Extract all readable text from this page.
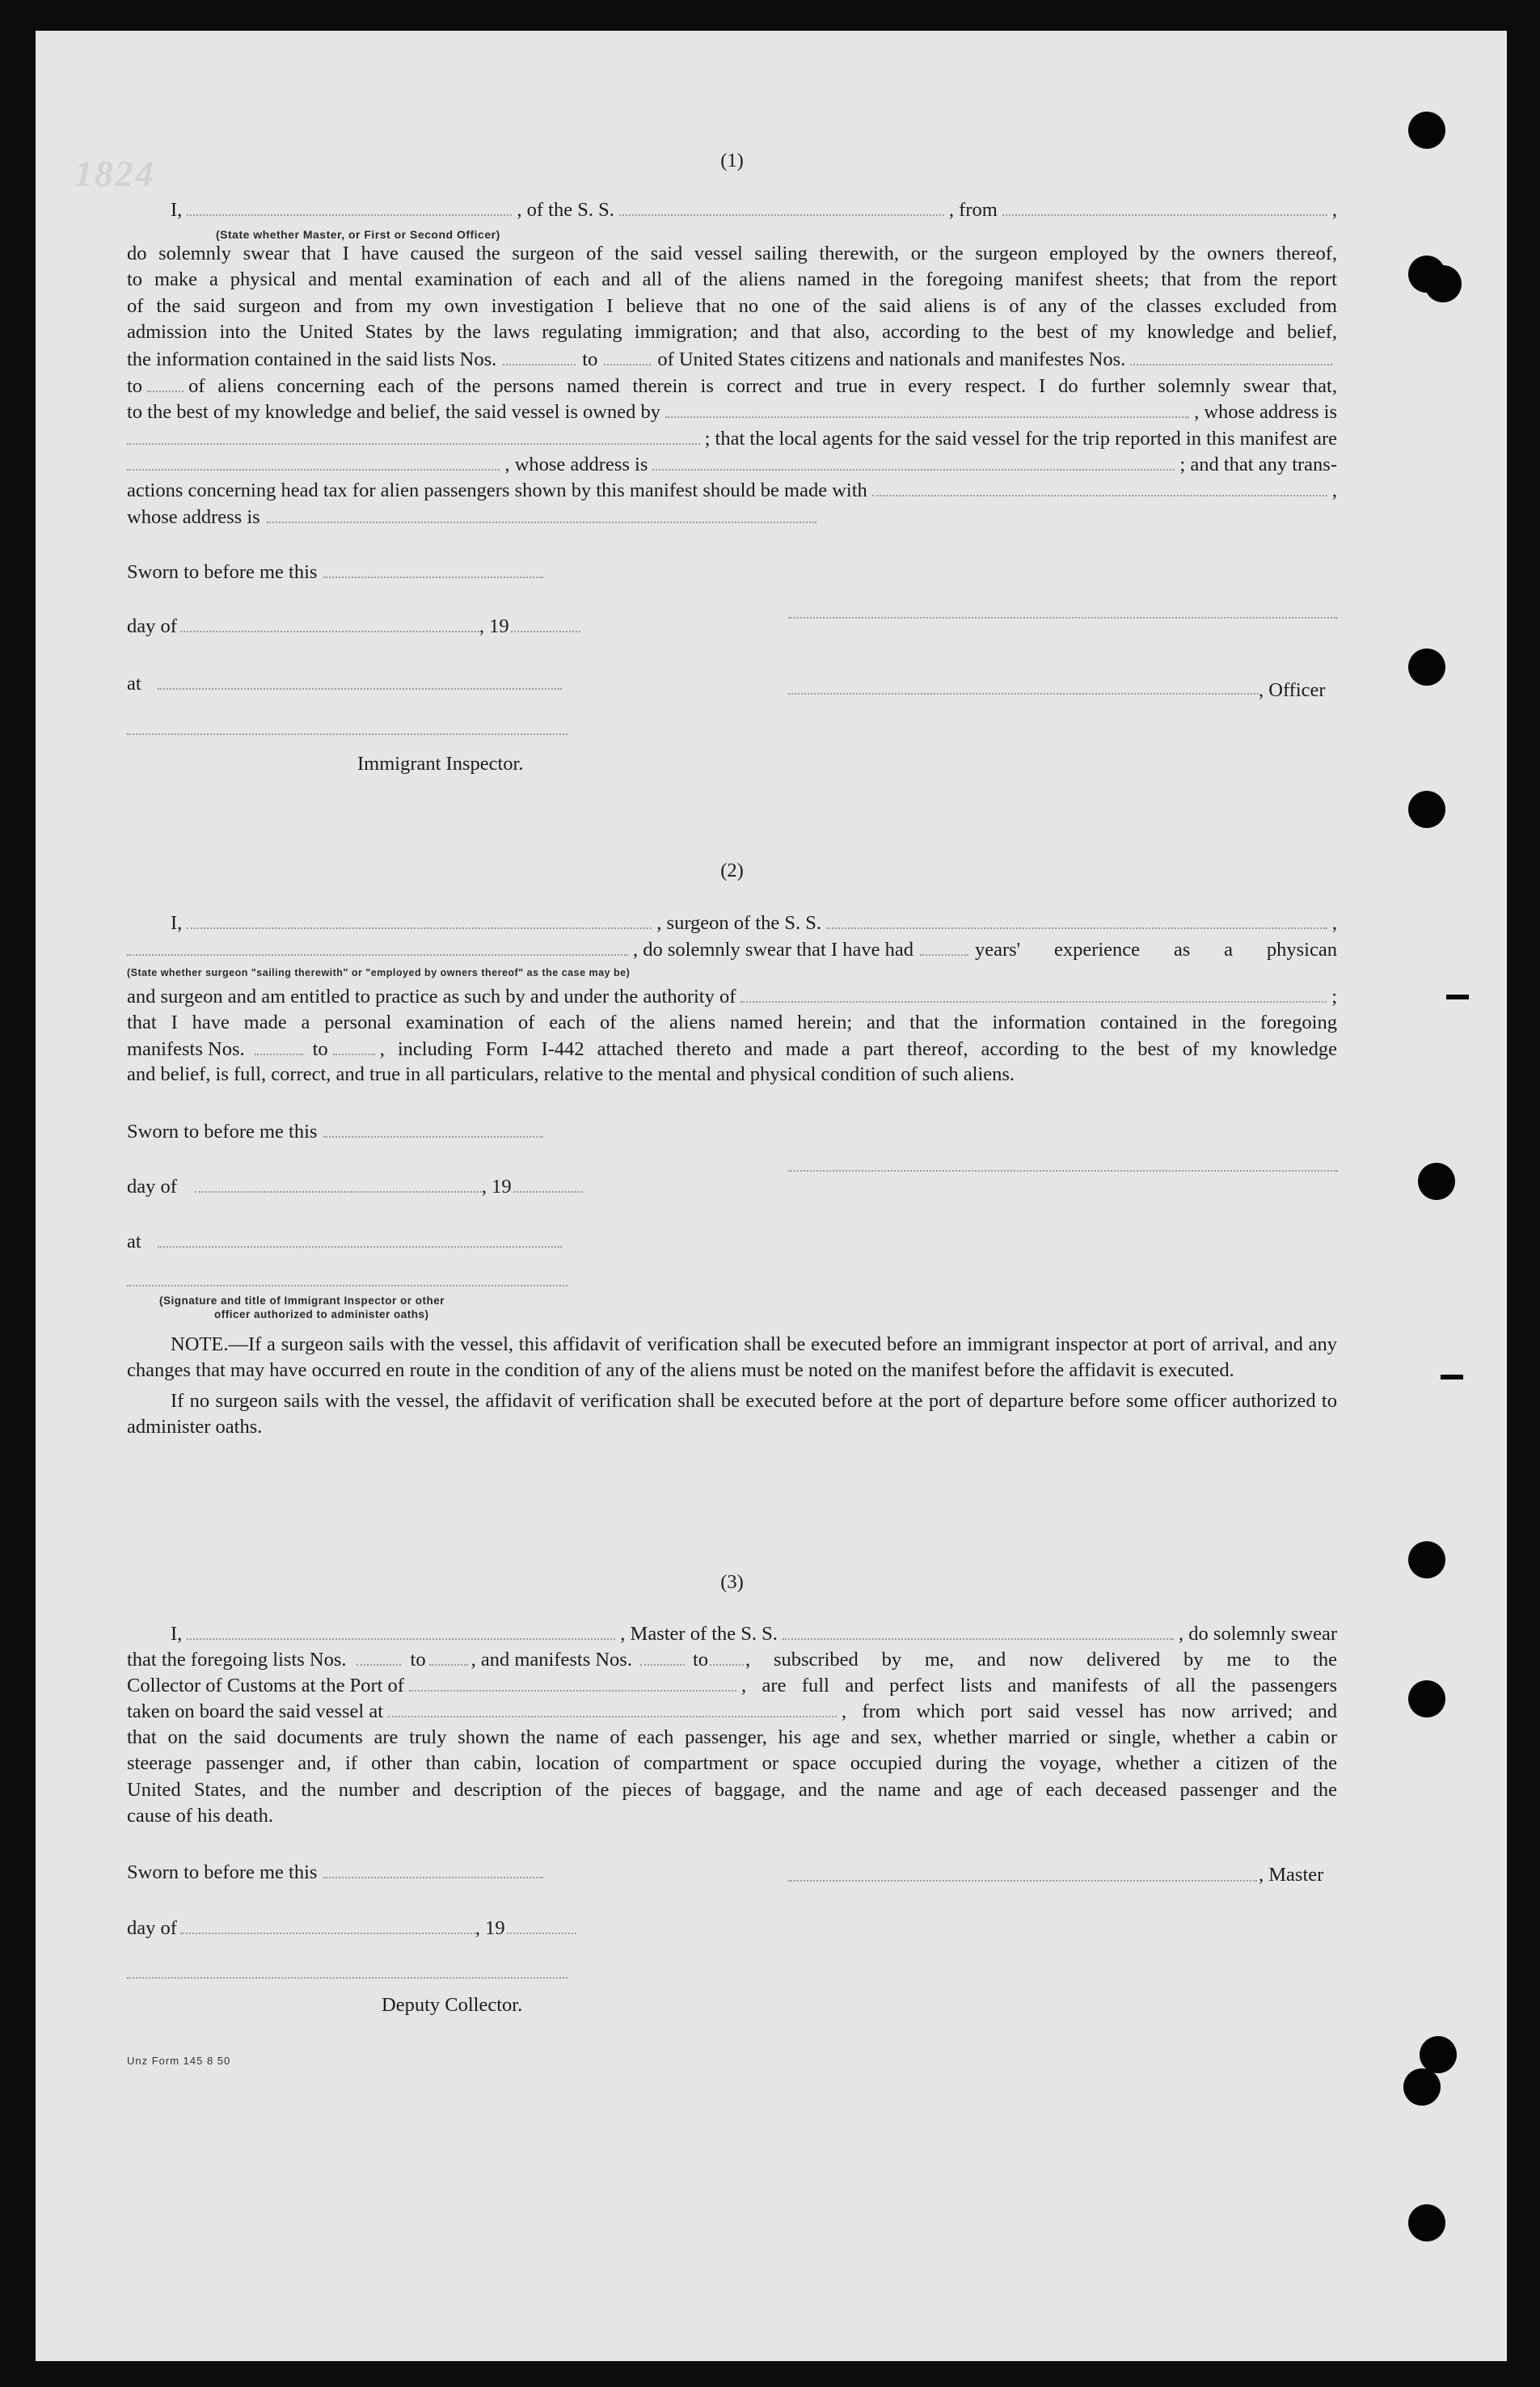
1824	(1)
I,	, of the S. S.	, from	,
(State whether Master, or First or Second Officer)
do solemnly swear that I have caused the surgeon of the said vessel sailing therewith, or the surgeon employed by the owners thereof,
to make a physical and mental examination of each and all of the aliens named in the foregoing manifest sheets; that from the report
of the said surgeon and from my own investigation I believe that no one of the said aliens is of any of the classes excluded from
admission into the United States by the laws regulating immigration; and that also, according to the best of my knowledge and belief,
the information contained in the said lists Nos.	to	of United States citizens and nationals and manifestes Nos.
to of aliens concerning each of the persons named therein is correct and true in every respect. I do further solemnly swear that,
to the best of my knowledge and belief, the said vessel is owned by	, whose address is
; that the local agents for the said vessel for the trip reported in this manifest are
, whose address is	; and that any trans-
actions concerning head tax for alien passengers shown by this manifest should be made with	,
whose address is
Sworn to before me this
day of	, 19
at	, Officer
Immigrant Inspector.
(2)
I,	, surgeon of the S. S.	,
, do solemnly swear that I have had	years' experience as a physican
(State whether surgeon "sailing therewith" or "employed by owners thereof" as the case may be)
and surgeon and am entitled to practice as such by and under the authority of	;
that I have made a personal examination of each of the aliens named herein; and that the information contained in the foregoing
manifests Nos.	to	, including Form I-442 attached thereto and made a part thereof, according to the best of my knowledge
and belief, is full, correct, and true in all particulars, relative to the mental and physical condition of such aliens.
Sworn to before me this
day of	, 19
at
(Signature and title of Immigrant Inspector or other
officer authorized to administer oaths)

NOTE.—If a surgeon sails with the vessel, this affidavit of verification shall be executed before an immigrant inspector at port of arrival, and any changes that may have occurred en route in the condition of any of the aliens must be noted on the manifest before the affidavit is executed.

If no surgeon sails with the vessel, the affidavit of verification shall be executed before at the port of departure before some officer authorized to administer oaths.

(3)
I,	, Master of the S. S.	, do solemnly swear
that the foregoing lists Nos.	to , and manifests Nos.	to , subscribed by me, and now delivered by me to the
Collector of Customs at the Port of	, are full and perfect lists and manifests of all the passengers
taken on board the said vessel at	, from which port said vessel has now arrived; and
that on the said documents are truly shown the name of each passenger, his age and sex, whether married or single, whether a cabin or
steerage passenger and, if other than cabin, location of compartment or space occupied during the voyage, whether a citizen of the
United States, and the number and description of the pieces of baggage, and the name and age of each deceased passenger and the
cause of his death.
Sworn to before me this	, Master
day of	, 19
Deputy Collector.
Unz Form 145 8 50
